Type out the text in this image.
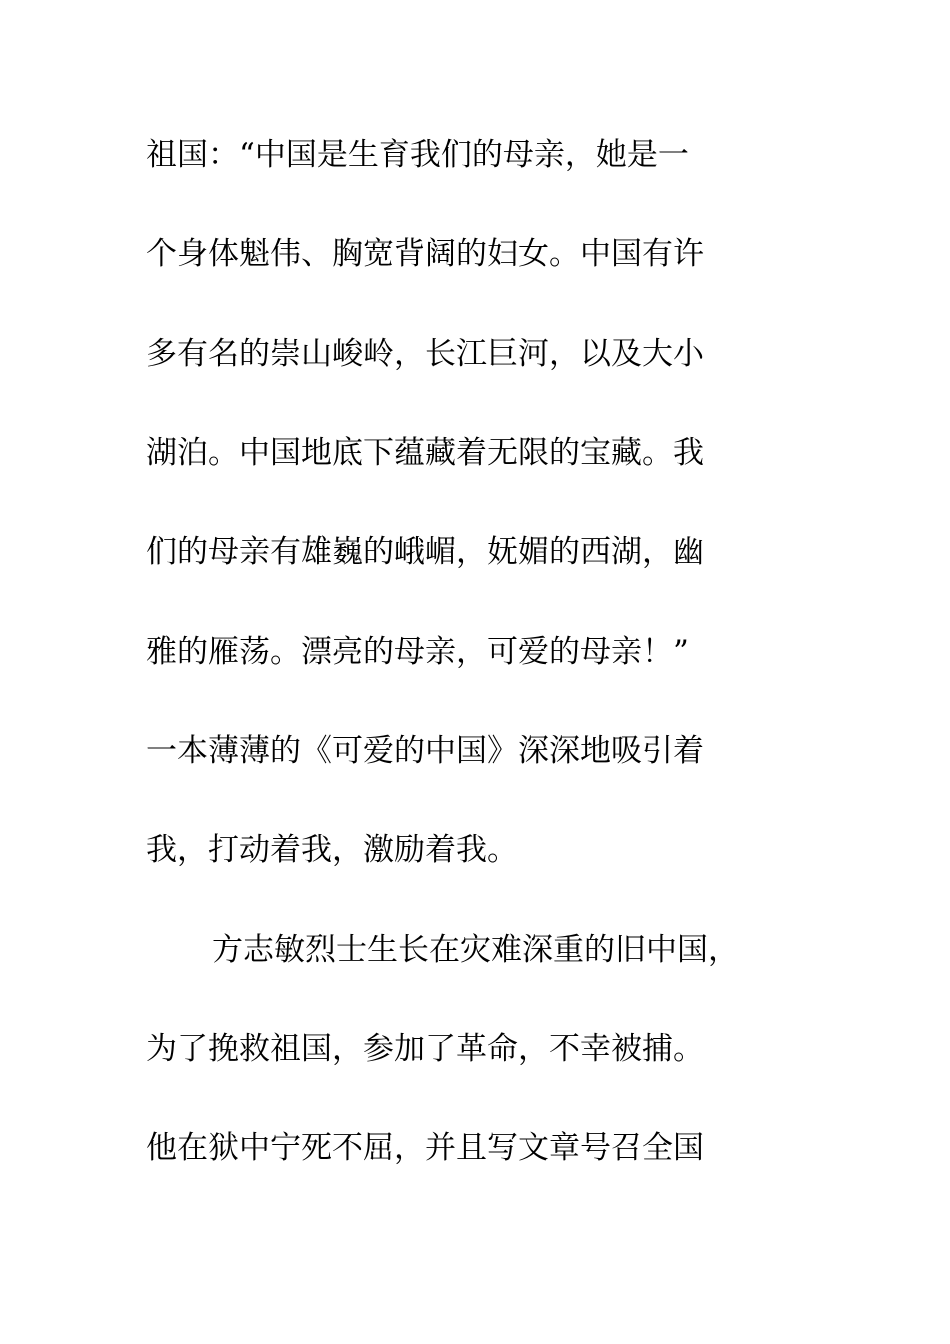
祖国：“中国是生育我们的母亲，她是一
个身体魁伟、胸宽背阔的妇女。中国有许
多有名的崇山峻岭，长江巨河，以及大小
湖泊。中国地底下蕴藏着无限的宝藏。我
们的母亲有雄巍的峨嵋，妩媚的西湖，幽
雅的雁荡。漂亮的母亲，可爱的母亲！”
一本薄薄的《可爱的中国》深深地吸引着
我，打动着我，激励着我。
方志敏烈士生长在灾难深重的旧中国，
为了挽救祖国，参加了革命，不幸被捕。
他在狱中宁死不屈，并且写文章号召全国
